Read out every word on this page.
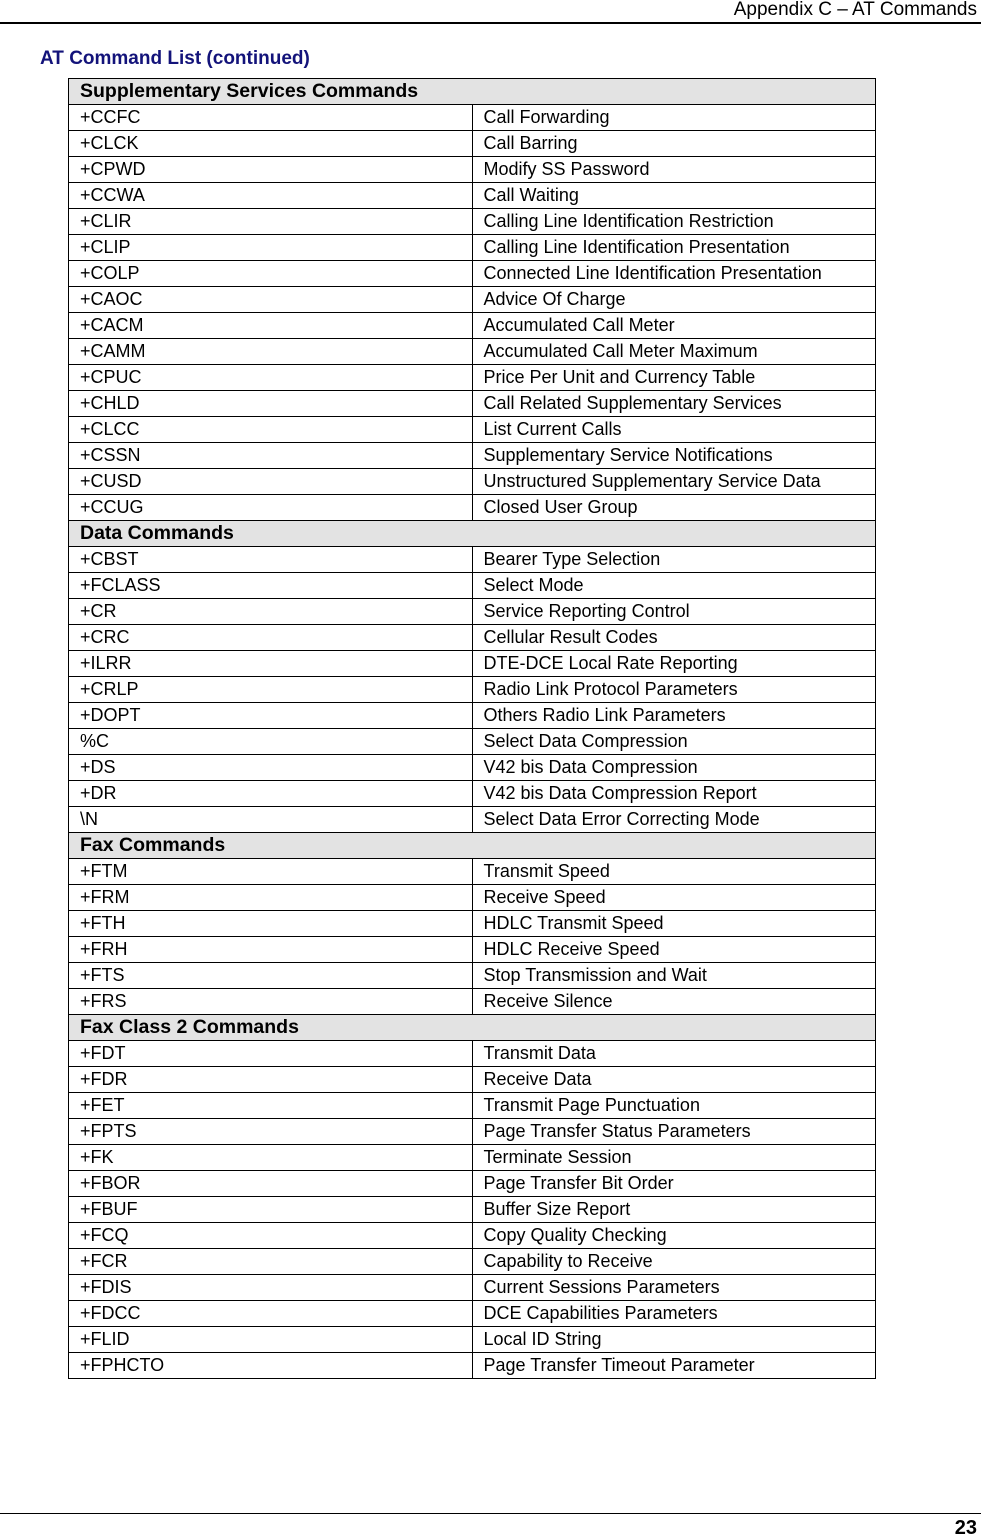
Appendix C – AT Commands
AT Command List (continued)
Supplementary Services Commands	
+CCFC	Call Forwarding
+CLCK	Call Barring
+CPWD	Modify SS Password
+CCWA	Call Waiting
+CLIR	Calling Line Identification Restriction
+CLIP	Calling Line Identification Presentation
+COLP	Connected Line Identification Presentation
+CAOC	Advice Of Charge
+CACM	Accumulated Call Meter
+CAMM	Accumulated Call Meter Maximum
+CPUC	Price Per Unit and Currency Table
+CHLD	Call Related Supplementary Services
+CLCC	List Current Calls
+CSSN	Supplementary Service Notifications
+CUSD	Unstructured Supplementary Service Data
+CCUG	Closed User Group
Data Commands	
+CBST	Bearer Type Selection
+FCLASS	Select Mode
+CR	Service Reporting Control
+CRC	Cellular Result Codes
+ILRR	DTE-DCE Local Rate Reporting
+CRLP	Radio Link Protocol Parameters
+DOPT	Others Radio Link Parameters
%C	Select Data Compression
+DS	V42 bis Data Compression
+DR	V42 bis Data Compression Report
\N	Select Data Error Correcting Mode
Fax Commands	
+FTM	Transmit Speed
+FRM	Receive Speed
+FTH	HDLC Transmit Speed
+FRH	HDLC Receive Speed
+FTS	Stop Transmission and Wait
+FRS	Receive Silence
Fax Class 2 Commands	
+FDT	Transmit Data
+FDR	Receive Data
+FET	Transmit Page Punctuation
+FPTS	Page Transfer Status Parameters
+FK	Terminate Session
+FBOR	Page Transfer Bit Order
+FBUF	Buffer Size Report
+FCQ	Copy Quality Checking
+FCR	Capability to Receive
+FDIS	Current Sessions Parameters
+FDCC	DCE Capabilities Parameters
+FLID	Local ID String
+FPHCTO	Page Transfer Timeout Parameter
23
